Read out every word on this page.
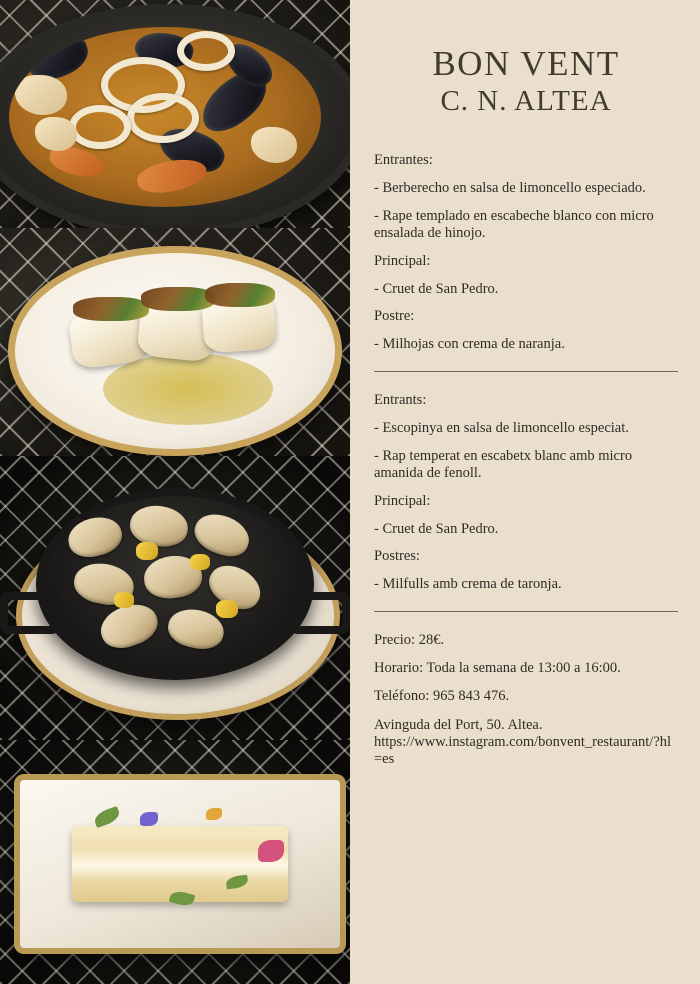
BON VENT
C. N. ALTEA

Entrantes:

- Berberecho en salsa de limoncello especiado.

- Rape templado en escabeche blanco con micro ensalada de hinojo.

Principal:

- Cruet de San Pedro.

Postre:

- Milhojas con crema de naranja.

Entrants:

- Escopinya en salsa de limoncello especiat.

- Rap temperat en escabetx blanc amb micro amanida de fenoll.

Principal:

- Cruet de San Pedro.

Postres:

- Milfulls amb crema de taronja.

Precio: 28€.

Horario: Toda la semana de 13:00 a 16:00.

Teléfono: 965 843 476.

Avinguda del Port, 50. Altea.

https://www.instagram.com/bonvent_restaurant/?hl=es
